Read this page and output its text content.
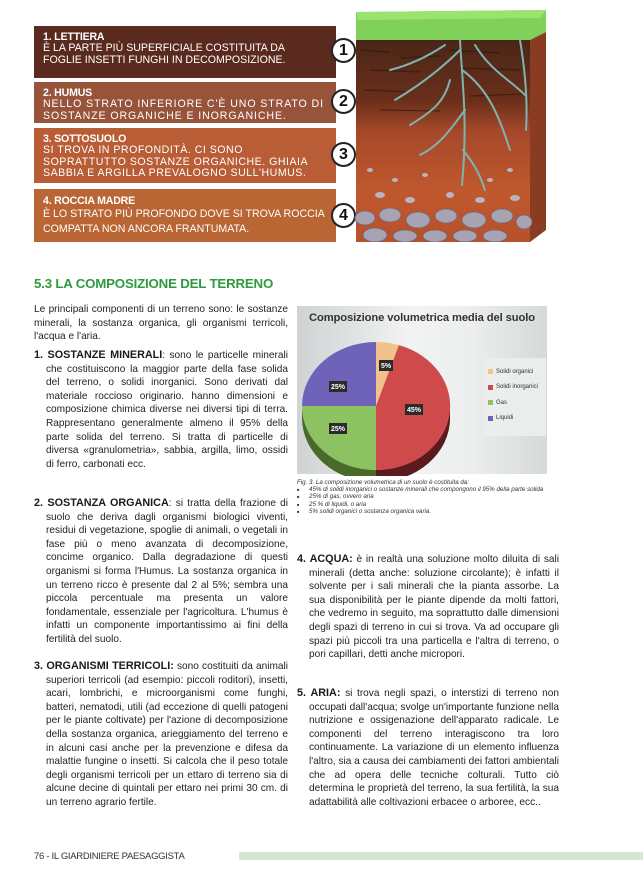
1. LETTIERA
È LA PARTE PIÙ SUPERFICIALE COSTITUITA DA FOGLIE INSETTI FUNGHI IN DECOMPOSIZIONE.
1
2. HUMUS
NELLO STRATO INFERIORE C'È UNO STRATO DI SOSTANZE ORGANICHE E INORGANICHE.
2
3. SOTTOSUOLO
SI TROVA IN PROFONDITÀ. CI SONO SOPRATTUTTO SOSTANZE ORGANICHE. GHIAIA SABBIA E ARGILLA PREVALOGNO SULL'HUMUS.
3
4. ROCCIA MADRE
È LO STRATO PIÙ PROFONDO DOVE SI TROVA ROCCIA COMPATTA NON ANCORA FRANTUMATA.
4
5.3 LA COMPOSIZIONE DEL TERRENO

Le principali componenti di un terreno sono: le sostanze minerali, la sostanza organica, gli organismi terricoli, l'acqua e l'aria.

1. SOSTANZE MINERALI: sono le particelle minerali che costituiscono la maggior parte della fase solida del terreno, o solidi inorganici. Sono derivati dal materiale roccioso originario. hanno dimensioni e composizione chimica diverse nei diversi tipi di terra. Rappresentano generalmente almeno il 95% della parte solida del terreno. Si tratta di particelle di diversa «granulometria», sabbia, argilla, limo, ossidi di ferro, carbonati ecc.
2. SOSTANZA ORGANICA: si tratta della frazione di suolo che deriva dagli organismi biologici viventi, residui di vegetazione, spoglie di animali, o vegetali in fase più o meno avanzata di decomposizione, concime organico. Dalla degradazione di questi organismi si forma l'Humus. La sostanza organica in un terreno ricco è presente dal 2 al 5%; sembra una piccola percentuale ma presenta un valore fondamentale, essenziale per l'agricoltura. L'humus è infatti un componente importantissimo ai fini della fertilità del suolo.
3. ORGANISMI TERRICOLI: sono costituiti da animali superiori terricoli (ad esempio: piccoli roditori), insetti, acari, lombrichi, e microorganismi come funghi, batteri, nematodi, utili (ad eccezione di quelli patogeni per le piante coltivate) per l'azione di decomposizione della sostanza organica, arieggiamento del terreno e in alcuni casi anche per la prevenzione e difesa da malattie fungine o insetti. Si calcola che il peso totale degli organismi terricoli per un ettaro di terreno sia di alcune decine di quintali per ettaro nei primi 30 cm. di un terreno agrario fertile.
4. ACQUA: è in realtà una soluzione molto diluita di sali minerali (detta anche: soluzione circolante); è infatti il solvente per i sali minerali che la pianta assorbe. La sua disponibilità per le piante dipende da molti fattori, che vedremo in seguito, ma soprattutto dalle dimensioni degli spazi di terreno in cui si trova. Va ad occupare gli spazi più piccoli tra una particella e l'altra di terreno, o pori capillari, detti anche micropori.
5. ARIA: si trova negli spazi, o interstizi di terreno non occupati dall'acqua; svolge un'importante funzione nella nutrizione e ossigenazione dell'apparato radicale. Le componenti del terreno interagiscono tra loro continuamente. La variazione di un elemento influenza l'altro, sia a causa dei cambiamenti dei fattori ambientali che ad opera delle tecniche colturali. Tutto ciò determina le proprietà del terreno, la sua fertilità, la sua adattabilità alle coltivazioni erbacee o arboree, ecc..
Composizione volumetrica media del suolo
5%
45%
25%
25%
Solidi organici
Solidi inorganici
Gas
Liquidi
Fig. 3. La composizione volumetrica di un suolo è costituita da:
■ 45% di solidi inorganici o sostanze minerali che compongono il 95% della parte solida
■ 25% di gas, ovvero aria
■ 25 % di liquidi, o aria
■ 5% solidi organici o sostanza organica varia.
76 - IL GIARDINIERE PAESAGGISTA
